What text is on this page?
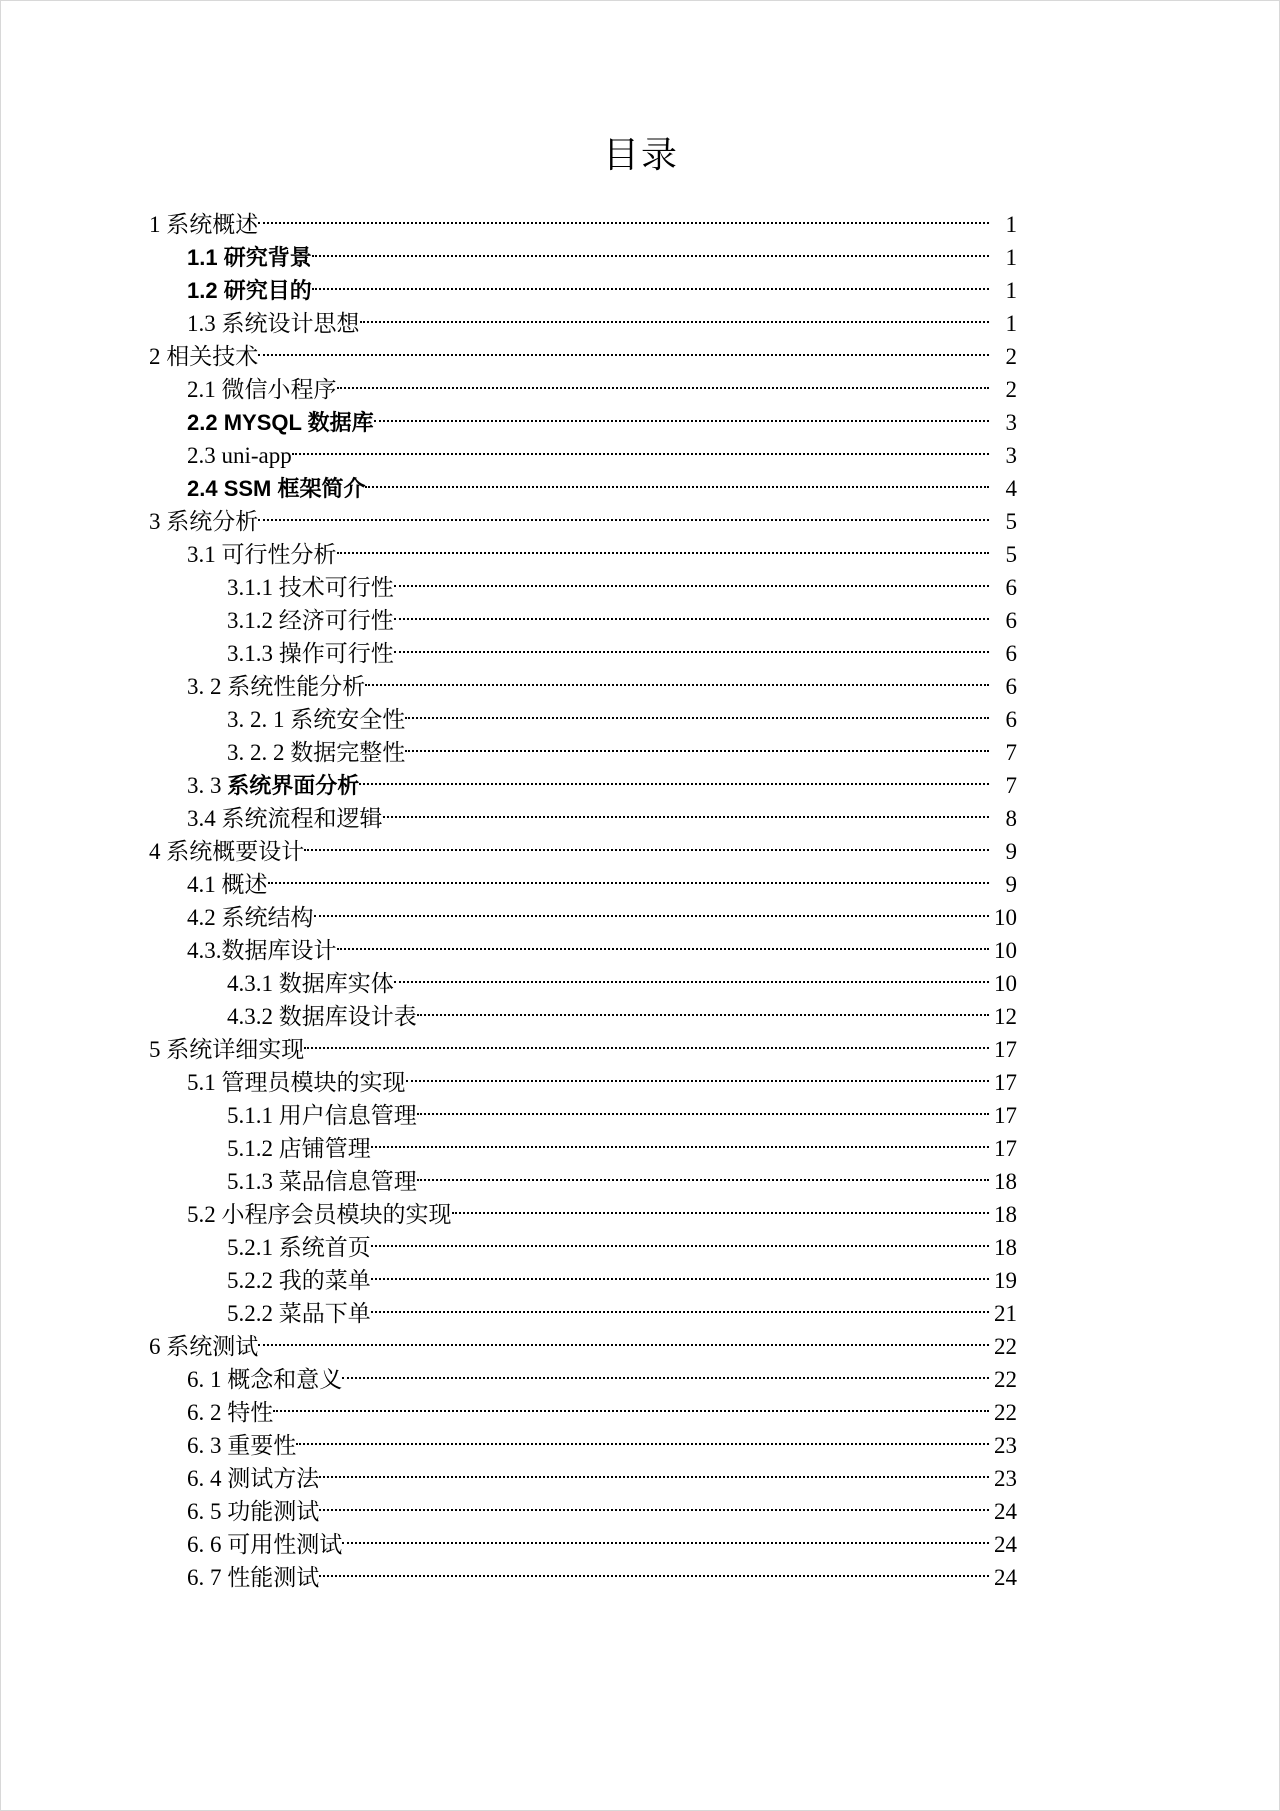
目录
1 系统概述	1
1.1 研究背景	1
1.2 研究目的	1
1.3 系统设计思想	1
2 相关技术	2
2.1 微信小程序	2
2.2 MYSQL 数据库	3
2.3 uni-app	3
2.4 SSM 框架简介	4
3 系统分析	5
3.1 可行性分析	5
3.1.1 技术可行性	6
3.1.2 经济可行性	6
3.1.3 操作可行性	6
3. 2 系统性能分析	6
3. 2. 1 系统安全性	6
3. 2. 2 数据完整性	7
3. 3 系统界面分析	7
3.4 系统流程和逻辑	8
4 系统概要设计	9
4.1 概述	9
4.2 系统结构	10
4.3.数据库设计	10
4.3.1 数据库实体	10
4.3.2 数据库设计表	12
5 系统详细实现	17
5.1 管理员模块的实现	17
5.1.1 用户信息管理	17
5.1.2 店铺管理	17
5.1.3 菜品信息管理	18
5.2 小程序会员模块的实现	18
5.2.1 系统首页	18
5.2.2 我的菜单	19
5.2.2 菜品下单	21
6 系统测试	22
6. 1 概念和意义	22
6. 2 特性	22
6. 3 重要性	23
6. 4 测试方法	23
6. 5 功能测试	24
6. 6 可用性测试	24
6. 7 性能测试	24
